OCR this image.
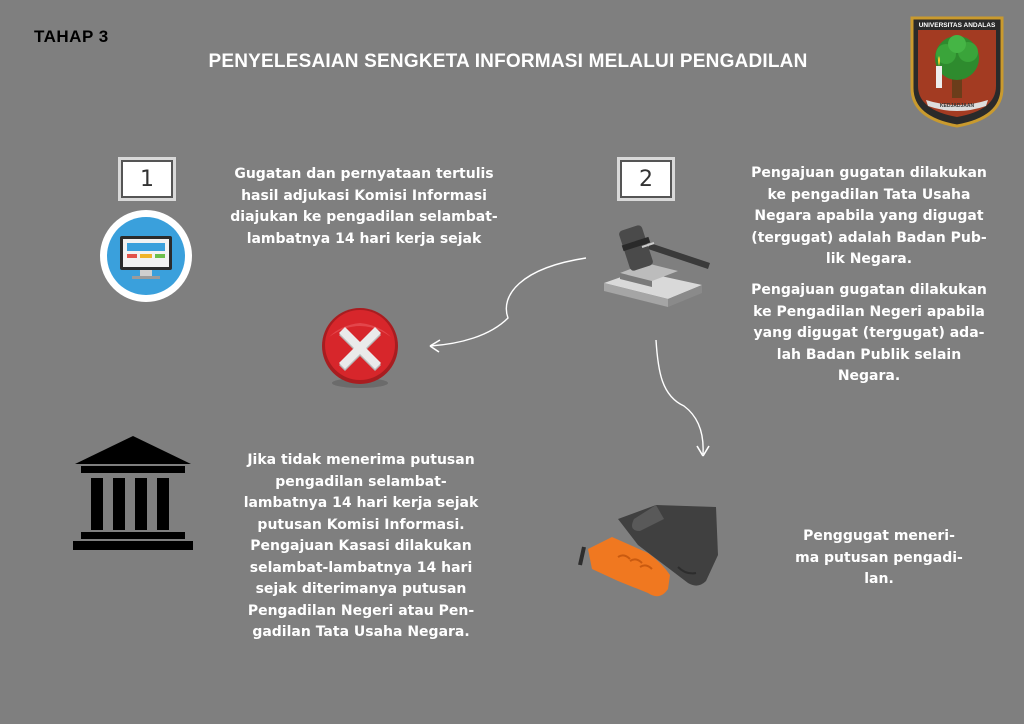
TAHAP 3
PENYELESAIAN SENGKETA INFORMASI MELALUI PENGADILAN
UNIVERSITAS ANDALAS
KEDJADJAAN
1	Gugatan dan pernyataan tertulis
hasil adjukasi Komisi Informasi
diajukan ke pengadilan selambat-
lambatnya 14 hari kerja sejak
2	Pengajuan gugatan dilakukan
ke pengadilan Tata Usaha
Negara apabila yang digugat
(tergugat) adalah Badan Pub-
lik Negara.
Pengajuan gugatan dilakukan
ke Pengadilan Negeri apabila
yang digugat (tergugat) ada-
lah Badan Publik selain
Negara.
Jika tidak menerima putusan
pengadilan selambat-
lambatnya 14 hari kerja sejak
putusan Komisi Informasi.
Pengajuan Kasasi dilakukan
selambat-lambatnya 14 hari
sejak diterimanya putusan
Pengadilan Negeri atau Pen-
gadilan Tata Usaha Negara.
Penggugat meneri-
ma putusan pengadi-
lan.
